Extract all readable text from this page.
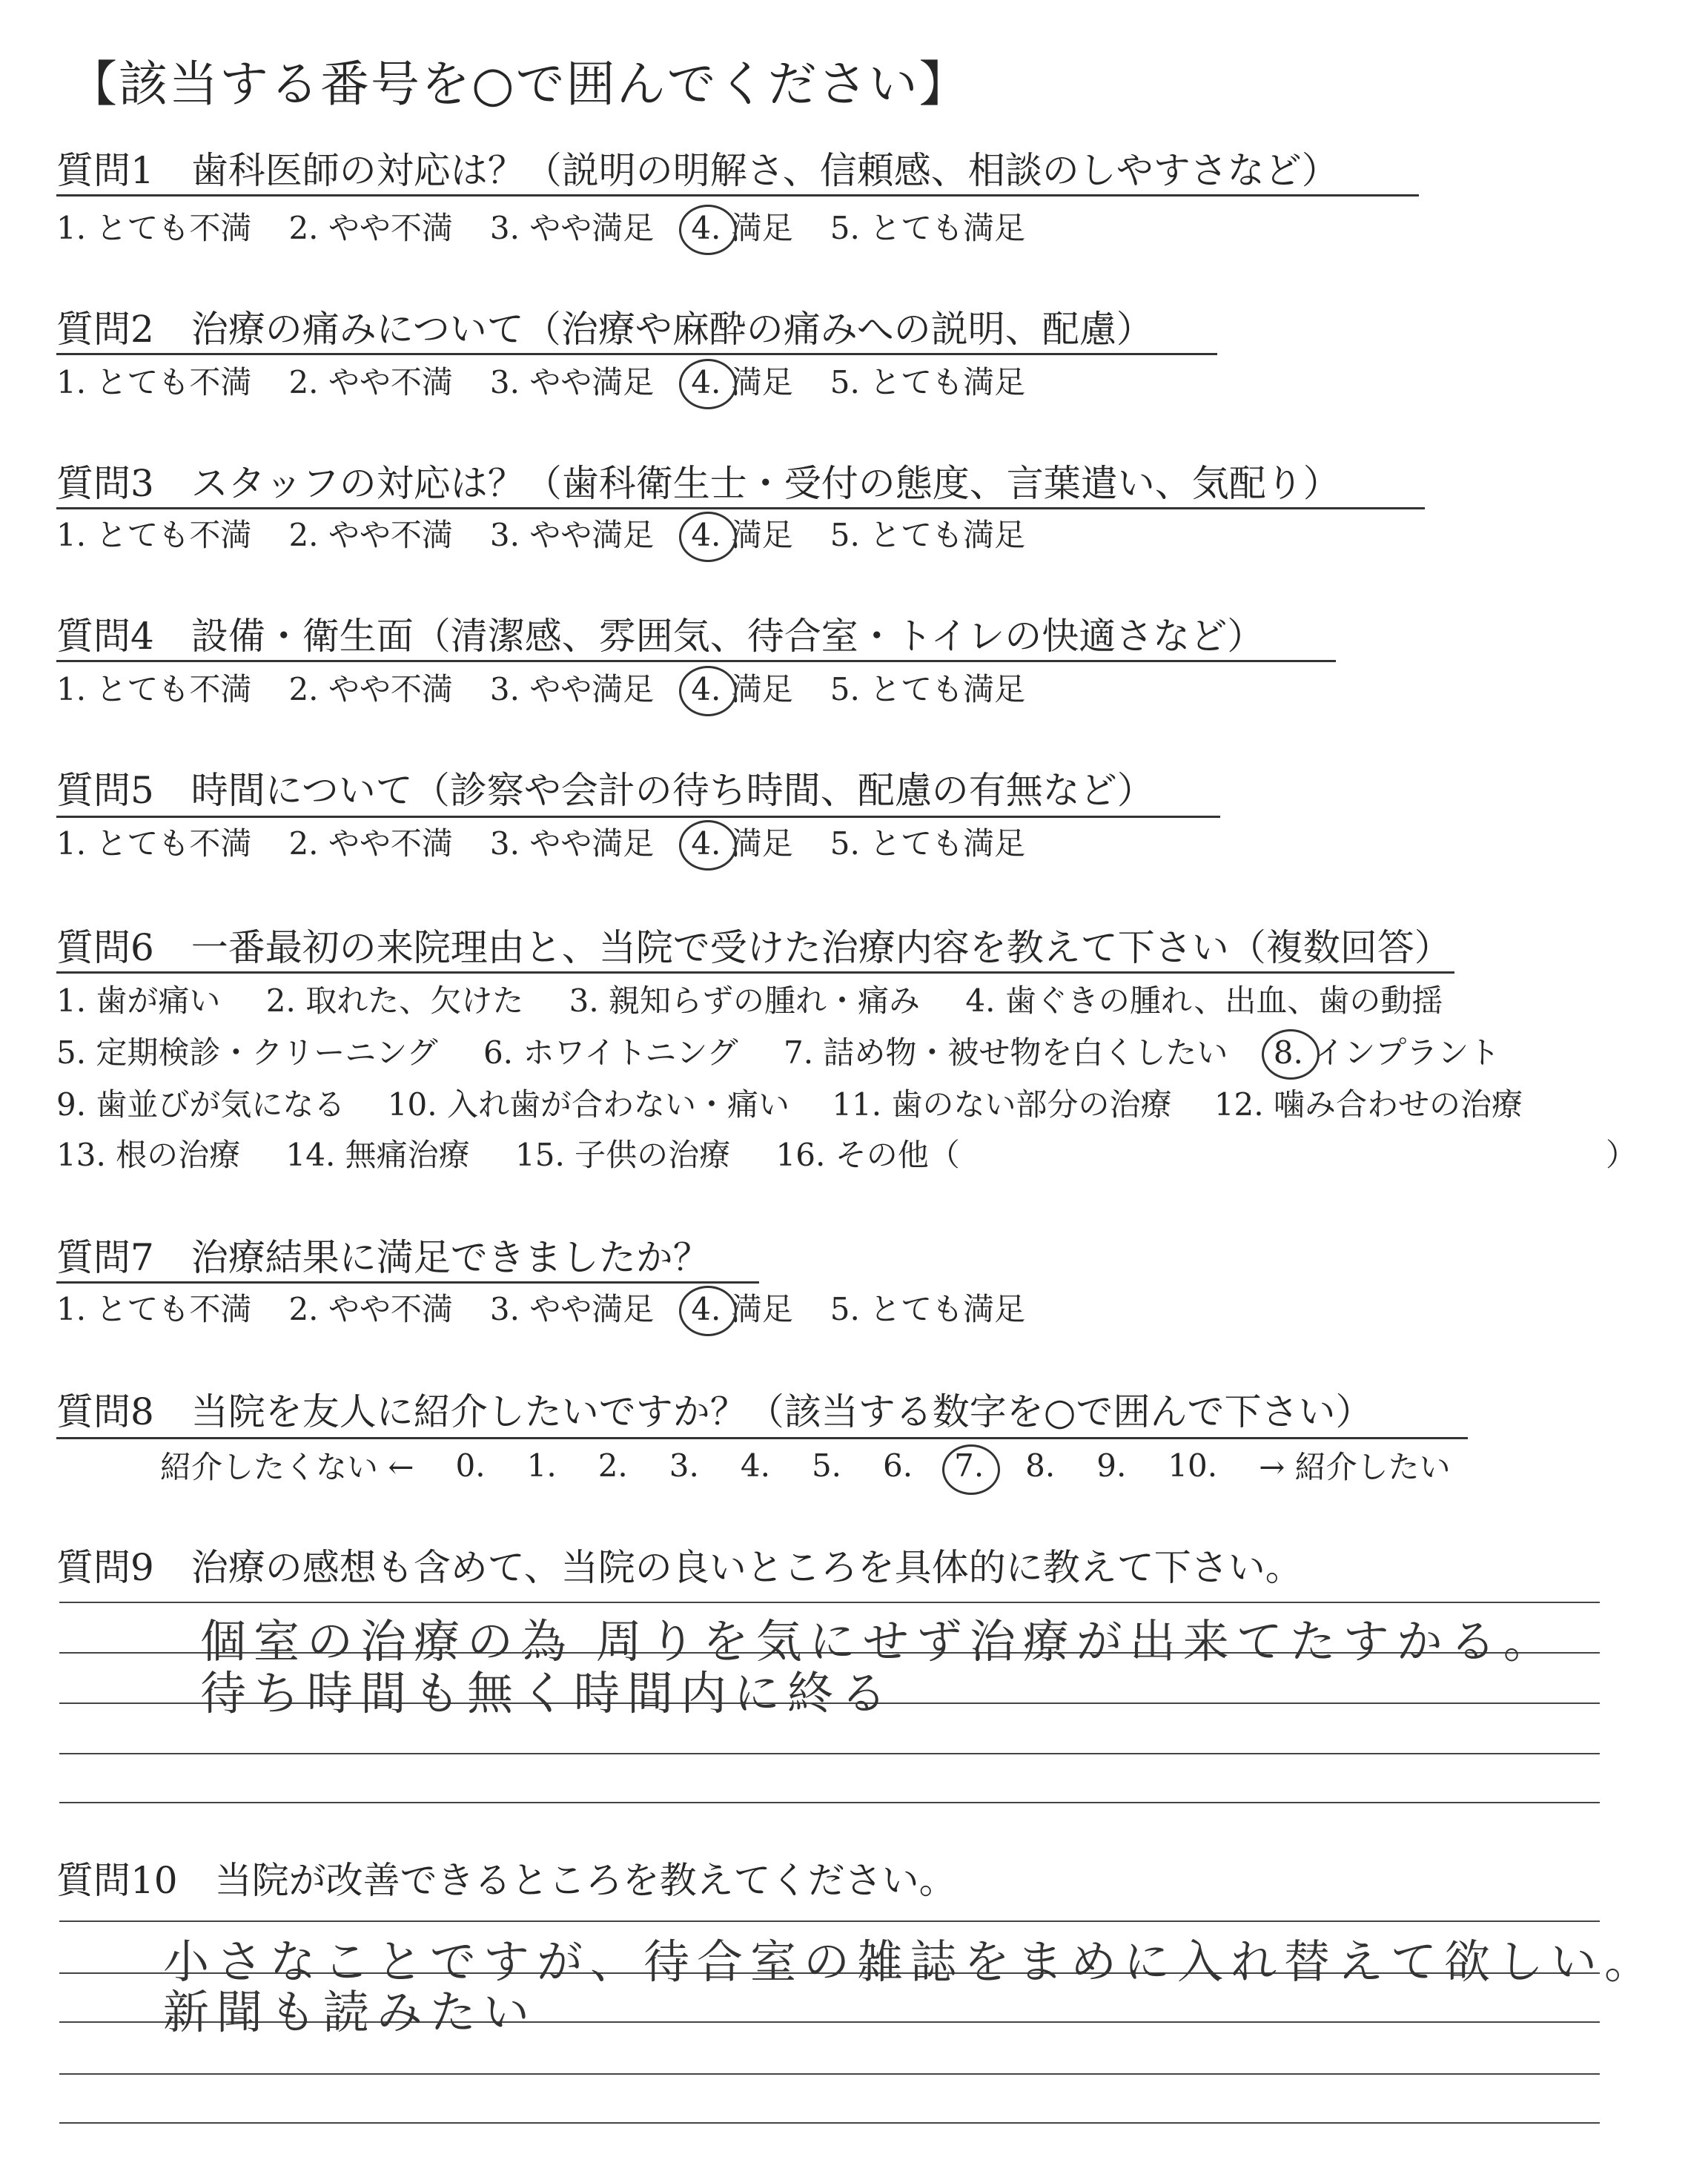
【該当する番号を○で囲んでください】
質問1　歯科医師の対応は？（説明の明解さ、信頼感、相談のしやすさなど）
1. とても不満 2. やや不満 3. やや満足 4. 満足 5. とても満足
質問2　治療の痛みについて（治療や麻酔の痛みへの説明、配慮）
1. とても不満 2. やや不満 3. やや満足 4. 満足 5. とても満足
質問3　スタッフの対応は？（歯科衛生士・受付の態度、言葉遣い、気配り）
1. とても不満 2. やや不満 3. やや満足 4. 満足 5. とても満足
質問4　設備・衛生面（清潔感、雰囲気、待合室・トイレの快適さなど）
1. とても不満 2. やや不満 3. やや満足 4. 満足 5. とても満足
質問5　時間について（診察や会計の待ち時間、配慮の有無など）
1. とても不満 2. やや不満 3. やや満足 4. 満足 5. とても満足
質問6　一番最初の来院理由と、当院で受けた治療内容を教えて下さい（複数回答）
1. 歯が痛い 2. 取れた、欠けた 3. 親知らずの腫れ・痛み 4. 歯ぐきの腫れ、出血、歯の動揺
5. 定期検診・クリーニング 6. ホワイトニング 7. 詰め物・被せ物を白くしたい 8. インプラント
9. 歯並びが気になる 10. 入れ歯が合わない・痛い 11. 歯のない部分の治療 12. 噛み合わせの治療
13. 根の治療 14. 無痛治療 15. 子供の治療 16. その他（	）
質問7　治療結果に満足できましたか？
1. とても不満 2. やや不満 3. やや満足 4. 満足 5. とても満足
質問8　当院を友人に紹介したいですか？（該当する数字を○で囲んで下さい）
紹介したくない ← 0. 1. 2. 3. 4. 5. 6. 7. 8. 9. 10. → 紹介したい
質問9　治療の感想も含めて、当院の良いところを具体的に教えて下さい。
個室の治療の為 周りを気にせず治療が出来てたすかる。
待ち時間も無く時間内に終る
質問10　当院が改善できるところを教えてください。
小さなことですが、待合室の雑誌をまめに入れ替えて欲しい。
新聞も読みたい
